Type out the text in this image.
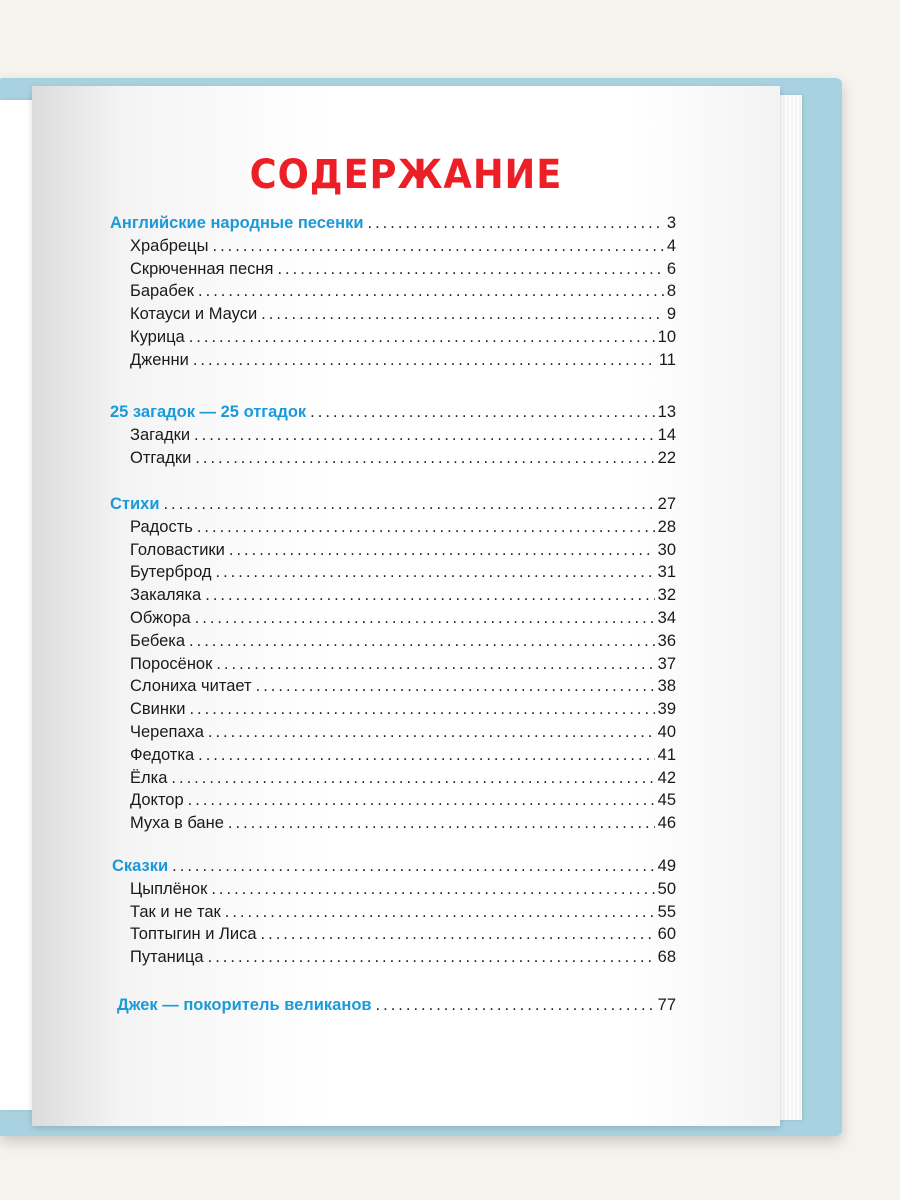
СОДЕРЖАНИЕ
Английские народные песенки .....	3
Храбрецы .....	4
Скрюченная песня .....	6
Барабек .....	8
Котауси и Мауси .....	9
Курица .....	10
Дженни .....	11
25 загадок — 25 отгадок .....	13
Загадки .....	14
Отгадки .....	22
Стихи .....	27
Радость .....	28
Головастики .....	30
Бутерброд .....	31
Закаляка .....	32
Обжора .....	34
Бебека .....	36
Поросёнок .....	37
Слониха читает .....	38
Свинки .....	39
Черепаха .....	40
Федотка .....	41
Ёлка .....	42
Доктор .....	45
Муха в бане .....	46
Сказки .....	49
Цыплёнок .....	50
Так и не так .....	55
Топтыгин и Лиса .....	60
Путаница .....	68
Джек — покоритель великанов .....	77
